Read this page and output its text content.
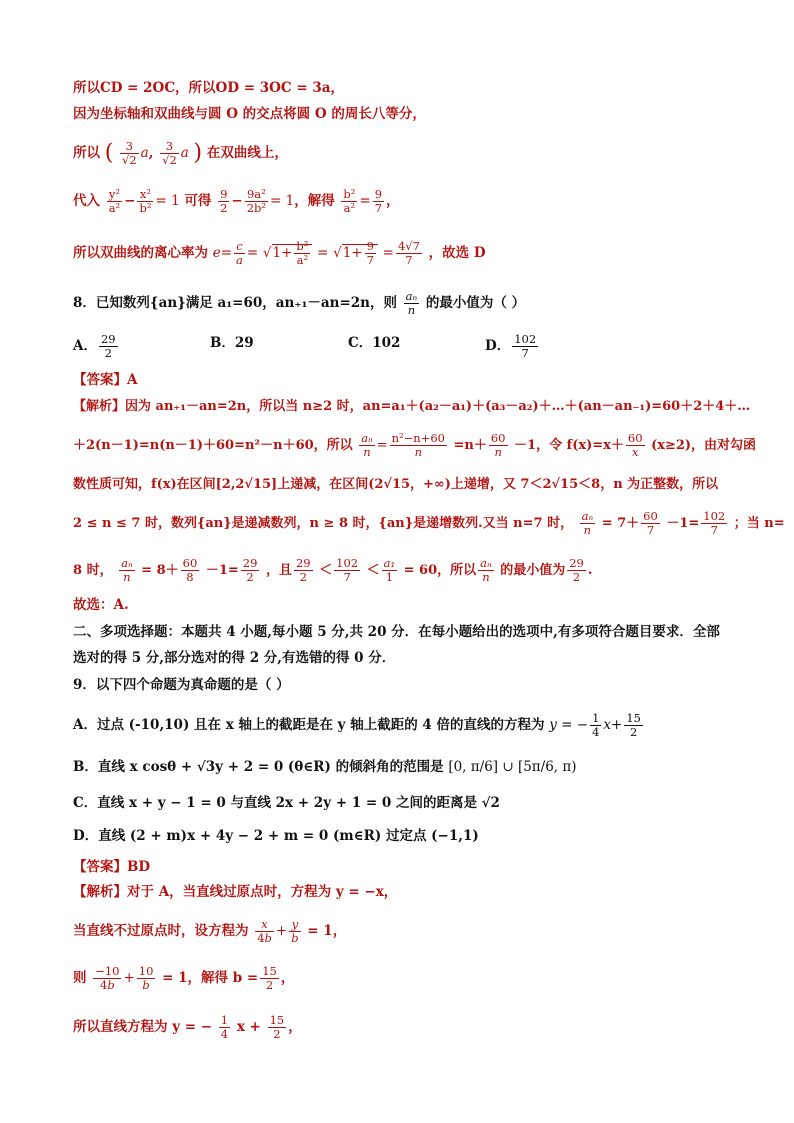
所以CD = 2OC，所以OD = 3OC = 3a，
因为坐标轴和双曲线与圆 O 的交点将圆 O 的周长八等分，
所以 ( $\frac{3}{√2} a$, $\frac{3}{√2}$ a ) 在双曲线上，
代入 $\frac{\text{y²}}{\text{a²}} - \frac{\text{x²}}{\text{b²}} = 1$ 可得 $\frac{9}{2} - \frac{\text{9a²}}{\text{2b²}} = 1$，解得 $\frac{\text{b²}}{\text{a²}} = \frac{9}{7}$ ，
所以双曲线的离心率为 $e= \frac{c}{a} = √1+ \frac{\text{b²}}{\text{a²}} = √1+ \frac{9}{7} = \frac{4√7}{7}$ ，故选 D
8．已知数列{an}满足 a₁=60，an₊₁－an=2n，则 $\frac{\text{aₙ}}{n}$ 的最小值为（ ）
A． $\frac{29}{2}$	B．29	C．102	D． $\frac{102}{7}$
【答案】A
【解析】因为 an₊₁－an=2n，所以当 n≥2 时，an=a₁＋(a₂－a₁)＋(a₃－a₂)＋…＋(an－an₋₁)=60＋2＋4＋…
＋2(n－1)=n(n－1)＋60=n²－n＋60，所以 $\frac{\text{aₙ}}{n} = \frac{\text{n²−n+60}}{n} =n+ \frac{60}{n} -1$，令 $f(x)=x+ \frac{60}{x} (x\ge 2)$，由对勾函
数性质可知，f(x)在区间[2,2√15]上递减，在区间(2√15，+∞)上递增，又 7＜2√15＜8，n 为正整数，所以
2 ≤ n ≤ 7 时，数列{an}是递减数列，n ≥ 8 时，{an}是递增数列.又当 n=7 时， $\frac{\text{aₙ}}{n} = 7+ \frac{60}{7} -1= \frac{102}{7}$ ；当 n=
8 时， $\frac{\text{aₙ}}{n} = 8+ \frac{60}{8} -1= \frac{29}{2}$ ，且 $\frac{29}{2} < \frac{102}{7} < \frac{\text{a₁}}{1} = 60$，所以 $\frac{\text{aₙ}}{n}$ 的最小值为 $\frac{29}{2}$ .
故选：A.
二、多项选择题：本题共 4 小题,每小题 5 分,共 20 分．在每小题给出的选项中,有多项符合题目要求．全部
选对的得 5 分,部分选对的得 2 分,有选错的得 0 分．
9．以下四个命题为真命题的是（ ）
A．过点 (-10,10) 且在 x 轴上的截距是在 y 轴上截距的 4 倍的直线的方程为 y = − $\frac{1}{4} x+ \frac{15}{2}$
B．直线 x cosθ + √3y + 2 = 0 (θ∈R) 的倾斜角的范围是 [0, π/6] ∪ [5π/6, π)
C．直线 x + y − 1 = 0 与直线 2x + 2y + 1 = 0 之间的距离是 √2
D．直线 (2 + m)x + 4y − 2 + m = 0 (m∈R) 过定点 (−1,1)
【答案】BD
【解析】对于 A，当直线过原点时，方程为 y = −x，
当直线不过原点时，设方程为 $\frac{x}{4b} + \frac{y}{b} = 1$，
则 $\frac{-10}{4b} + \frac{10}{b} = 1$，解得 $b = \frac{15}{2}$ ，
所以直线方程为 y = − $\frac{1}{4}$ $x + \frac{15}{2}$ ，
